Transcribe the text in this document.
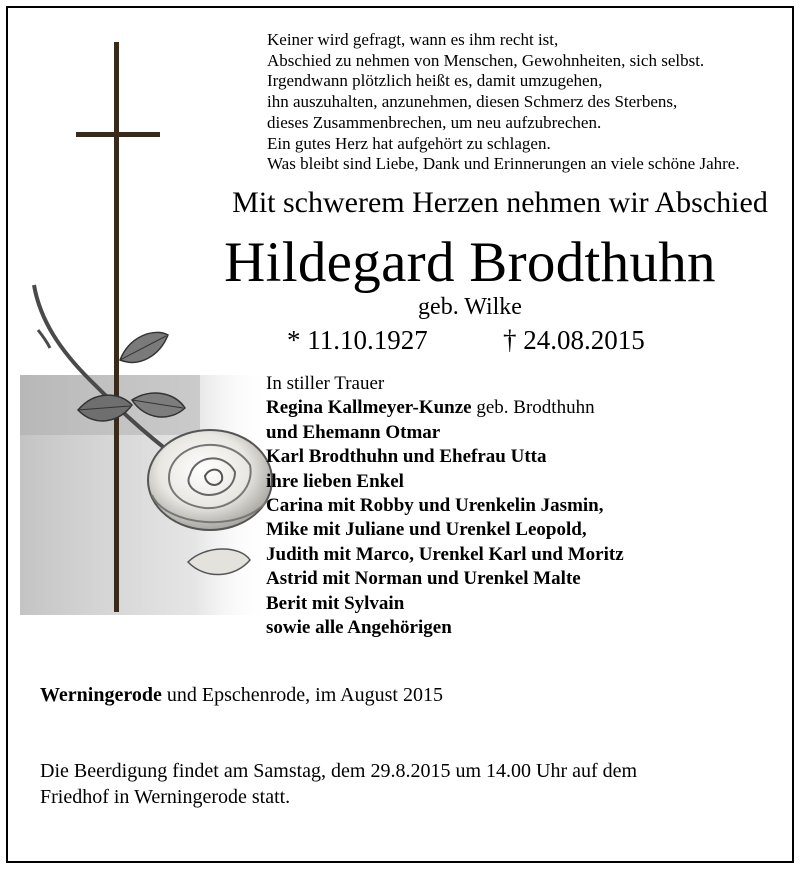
Keiner wird gefragt, wann es ihm recht ist,
Abschied zu nehmen von Menschen, Gewohnheiten, sich selbst.
Irgendwann plötzlich heißt es, damit umzugehen,
ihn auszuhalten, anzunehmen, diesen Schmerz des Sterbens,
dieses Zusammenbrechen, um neu aufzubrechen.
Ein gutes Herz hat aufgehört zu schlagen.
Was bleibt sind Liebe, Dank und Erinnerungen an viele schöne Jahre.
Mit schwerem Herzen nehmen wir Abschied
Hildegard Brodthuhn
geb. Wilke
* 11.10.1927	† 24.08.2015
In stiller Trauer
Regina Kallmeyer-Kunze geb. Brodthuhn
und Ehemann Otmar
Karl Brodthuhn und Ehefrau Utta
ihre lieben Enkel
Carina mit Robby und Urenkelin Jasmin,
Mike mit Juliane und Urenkel Leopold,
Judith mit Marco, Urenkel Karl und Moritz
Astrid mit Norman und Urenkel Malte
Berit mit Sylvain
sowie alle Angehörigen
Werningerode und Epschenrode, im August 2015
Die Beerdigung findet am Samstag, dem 29.8.2015 um 14.00 Uhr auf dem
Friedhof in Werningerode statt.
